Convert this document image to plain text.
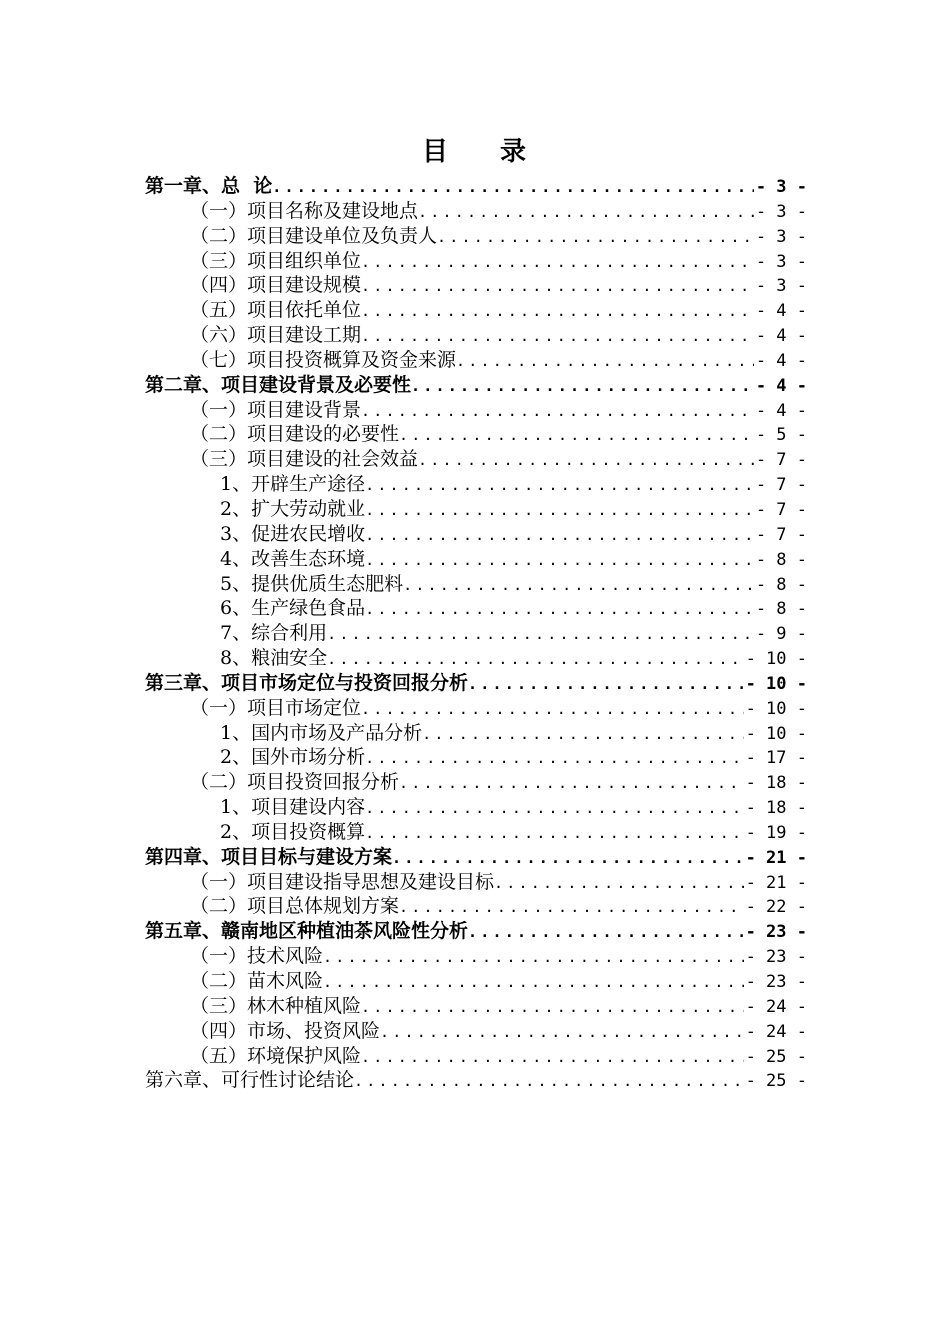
目 录
第一章、总  论 .....	- 3 -
（一）项目名称及建设地点 .....	- 3 -
（二）项目建设单位及负责人 .....	- 3 -
（三）项目组织单位 .....	- 3 -
（四）项目建设规模 .....	- 3 -
（五）项目依托单位 .....	- 4 -
（六）项目建设工期 .....	- 4 -
（七）项目投资概算及资金来源 .....	- 4 -
第二章、项目建设背景及必要性 .....	- 4 -
（一）项目建设背景 .....	- 4 -
（二）项目建设的必要性 .....	- 5 -
（三）项目建设的社会效益 .....	- 7 -
1、开辟生产途径 .....	- 7 -
2、扩大劳动就业 .....	- 7 -
3、促进农民增收 .....	- 7 -
4、改善生态环境 .....	- 8 -
5、提供优质生态肥料 .....	- 8 -
6、生产绿色食品 .....	- 8 -
7、综合利用 .....	- 9 -
8、粮油安全 .....	- 10 -
第三章、项目市场定位与投资回报分析 .....	- 10 -
（一）项目市场定位 .....	- 10 -
1、国内市场及产品分析 .....	- 10 -
2、国外市场分析 .....	- 17 -
（二）项目投资回报分析 .....	- 18 -
1、项目建设内容 .....	- 18 -
2、项目投资概算 .....	- 19 -
第四章、项目目标与建设方案 .....	- 21 -
（一）项目建设指导思想及建设目标 .....	- 21 -
（二）项目总体规划方案 .....	- 22 -
第五章、赣南地区种植油茶风险性分析 .....	- 23 -
（一）技术风险 .....	- 23 -
（二）苗木风险 .....	- 23 -
（三）林木种植风险 .....	- 24 -
（四）市场、投资风险 .....	- 24 -
（五）环境保护风险 .....	- 25 -
第六章、可行性讨论结论 .....	- 25 -
